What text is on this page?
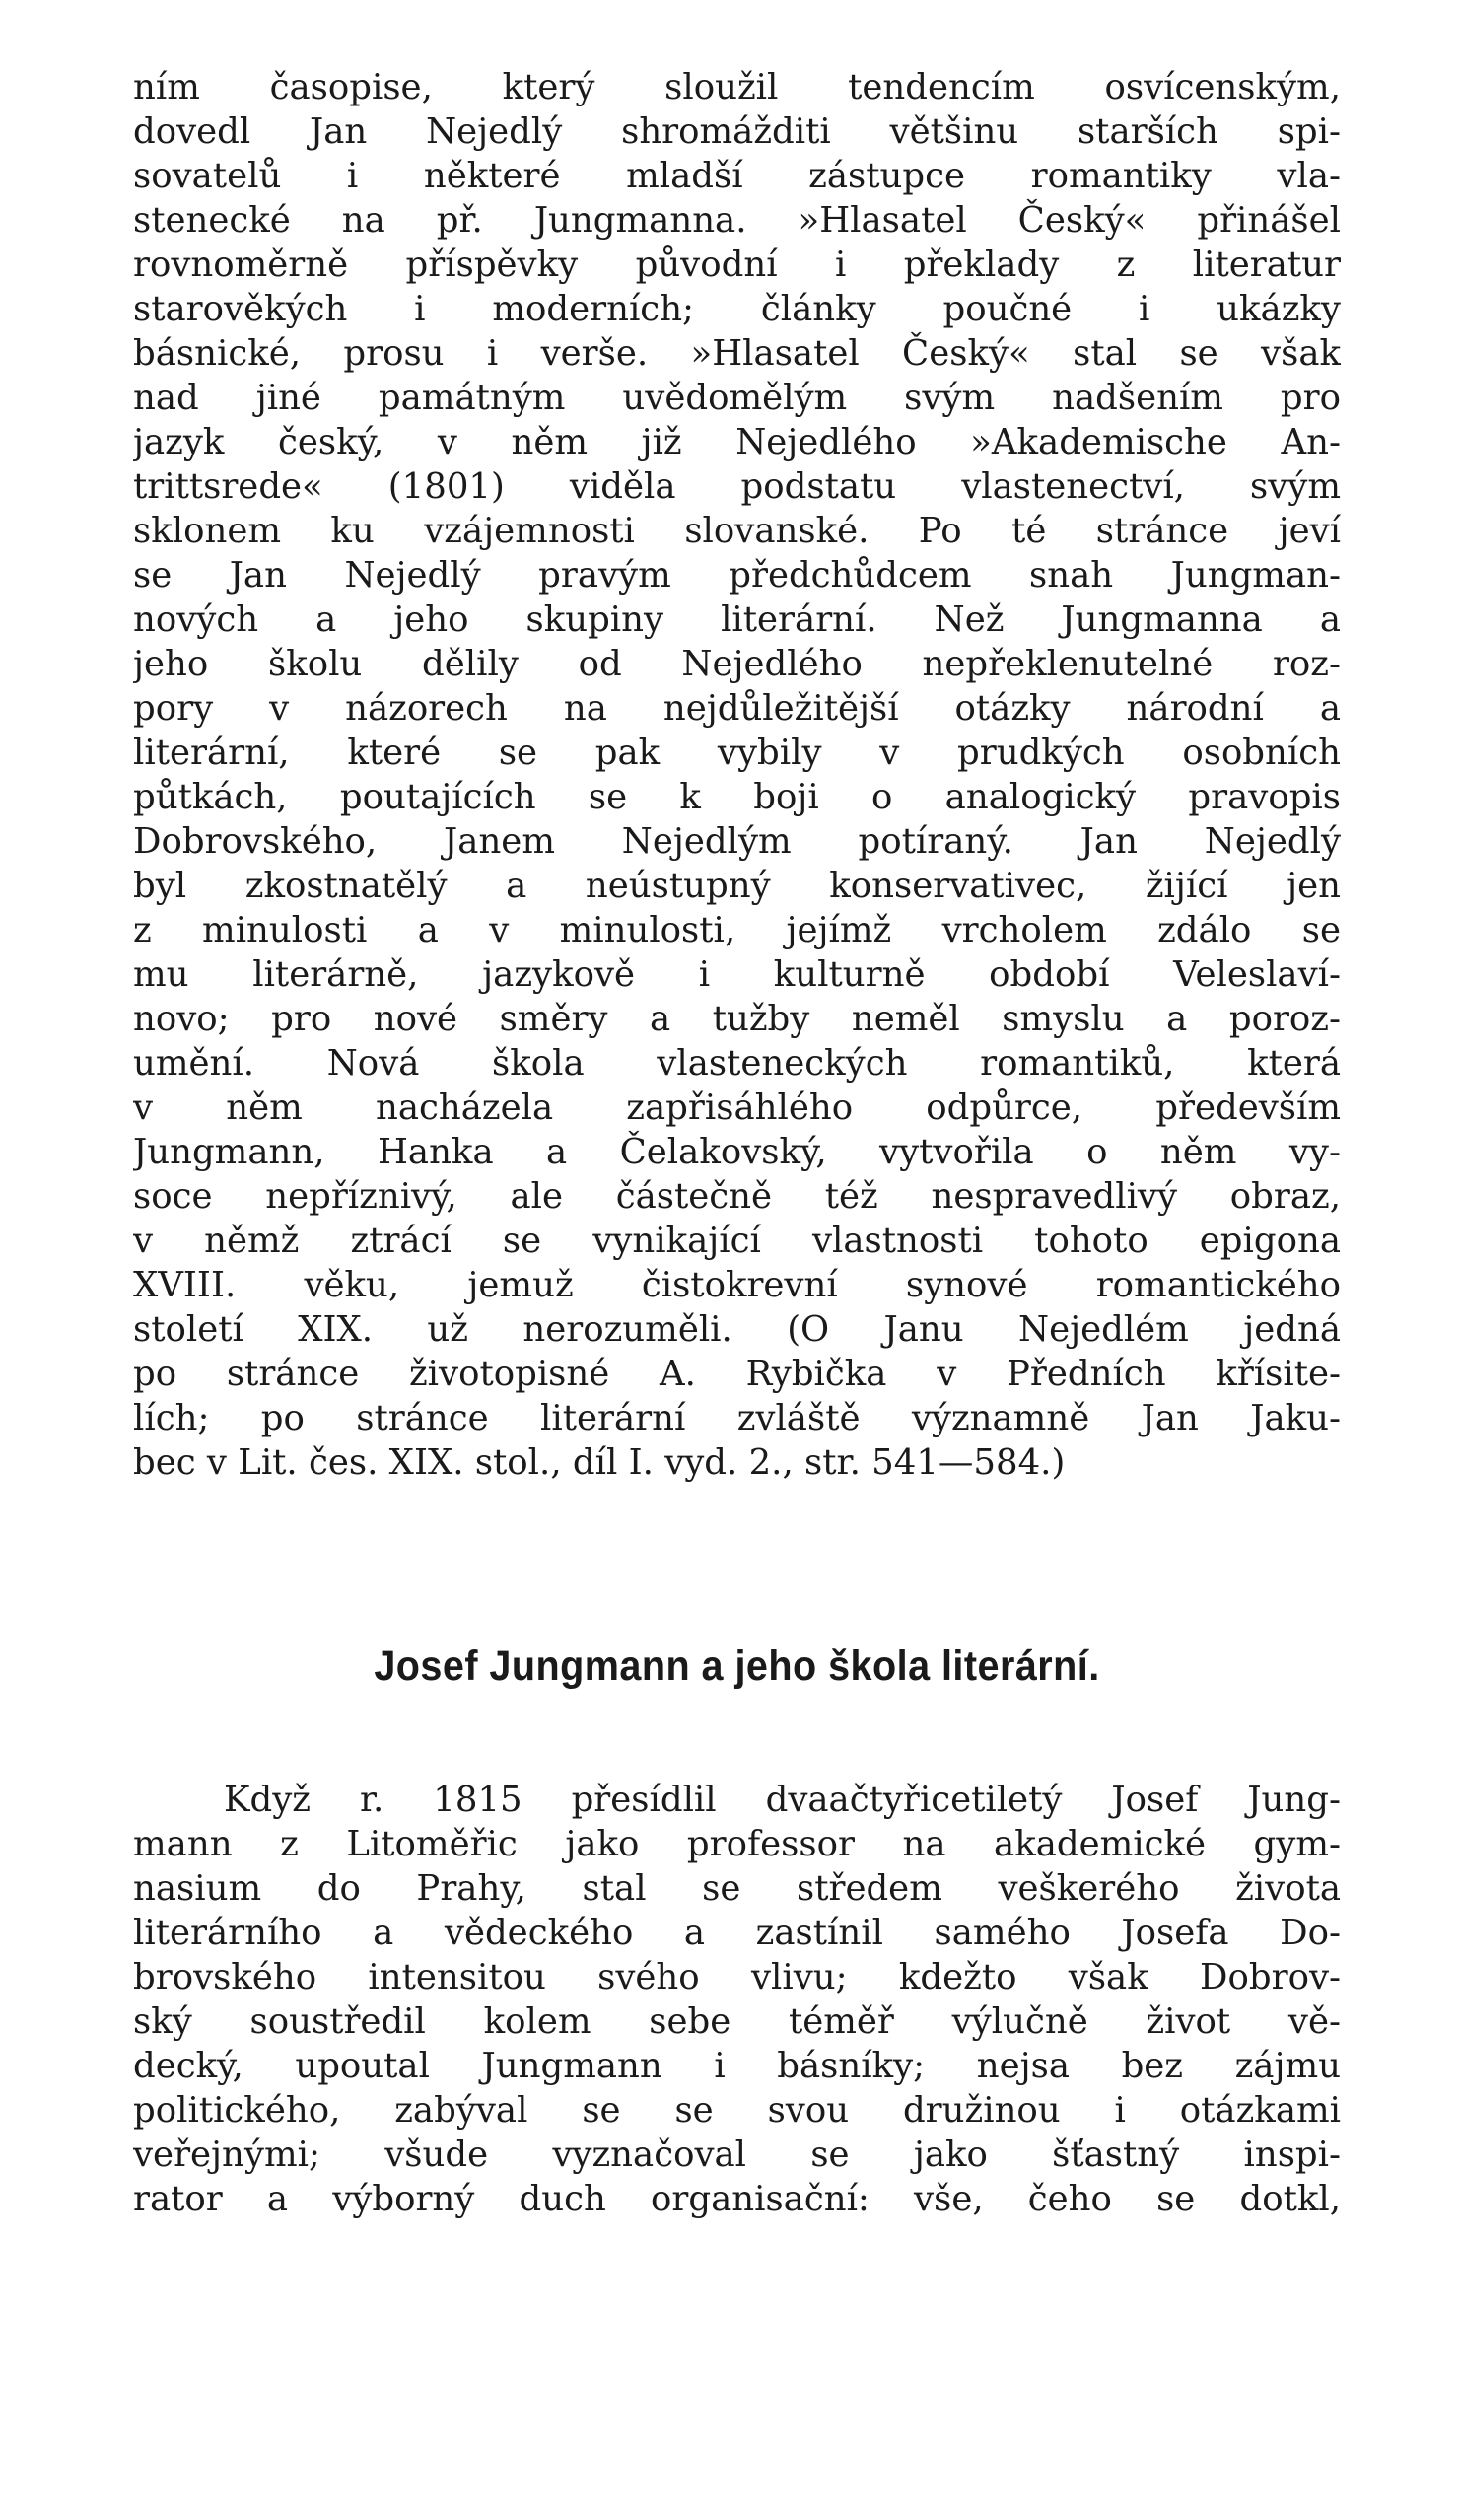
ním časopise, který sloužil tendencím osvícenským,
dovedl Jan Nejedlý shromážditi většinu starších spi-
sovatelů i některé mladší zástupce romantiky vla-
stenecké na př. Jungmanna. »Hlasatel Český« přinášel
rovnoměrně příspěvky původní i překlady z literatur
starověkých i moderních; články poučné i ukázky
básnické, prosu i verše. »Hlasatel Český« stal se však
nad jiné památným uvědomělým svým nadšením pro
jazyk český, v něm již Nejedlého »Akademische An-
trittsrede« (1801) viděla podstatu vlastenectví, svým
sklonem ku vzájemnosti slovanské. Po té stránce jeví
se Jan Nejedlý pravým předchůdcem snah Jungman-
nových a jeho skupiny literární. Než Jungmanna a
jeho školu dělily od Nejedlého nepřeklenutelné roz-
pory v názorech na nejdůležitější otázky národní a
literární, které se pak vybily v prudkých osobních
půtkách, poutajících se k boji o analogický pravopis
Dobrovského, Janem Nejedlým potíraný. Jan Nejedlý
byl zkostnatělý a neústupný konservativec, žijící jen
z minulosti a v minulosti, jejímž vrcholem zdálo se
mu literárně, jazykově i kulturně období Veleslaví-
novo; pro nové směry a tužby neměl smyslu a poroz-
umění. Nová škola vlasteneckých romantiků, která
v něm nacházela zapřisáhlého odpůrce, především
Jungmann, Hanka a Čelakovský, vytvořila o něm vy-
soce nepříznivý, ale částečně též nespravedlivý obraz,
v němž ztrácí se vynikající vlastnosti tohoto epigona
XVIII. věku, jemuž čistokrevní synové romantického
století XIX. už nerozuměli. (O Janu Nejedlém jedná
po stránce životopisné A. Rybička v Předních křísite-
lích; po stránce literární zvláště významně Jan Jaku-
bec v Lit. čes. XIX. stol., díl I. vyd. 2., str. 541—584.)
Josef Jungmann a jeho škola literární.
Když r. 1815 přesídlil dvaačtyřicetiletý Josef Jung-
mann z Litoměřic jako professor na akademické gym-
nasium do Prahy, stal se středem veškerého života
literárního a vědeckého a zastínil samého Josefa Do-
brovského intensitou svého vlivu; kdežto však Dobrov-
ský soustředil kolem sebe téměř výlučně život vě-
decký, upoutal Jungmann i básníky; nejsa bez zájmu
politického, zabýval se se svou družinou i otázkami
veřejnými; všude vyznačoval se jako šťastný inspi-
rator a výborný duch organisační: vše, čeho se dotkl,
